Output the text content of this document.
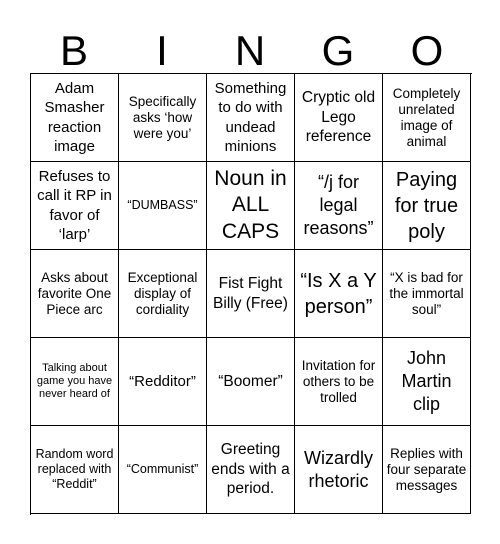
B	I	N	G	O
Adam Smasher reaction image
Specifically asks ‘how were you’
Something to do with undead minions
Cryptic old Lego reference
Completely unrelated image of animal
Refuses to call it RP in favor of ‘larp’
“DUMBASS”
Noun in ALL CAPS
“/j for legal reasons”
Paying for true poly
Asks about favorite One Piece arc
Exceptional display of cordiality
Fist Fight Billy (Free)
“Is X a Y person”
“X is bad for the immortal soul”
Talking about game you have never heard of
“Redditor” “Boomer”
Invitation for others to be trolled
John Martin clip
Random word replaced with “Reddit”
“Communist”
Greeting ends with a period.
Wizardly rhetoric
Replies with four separate messages
